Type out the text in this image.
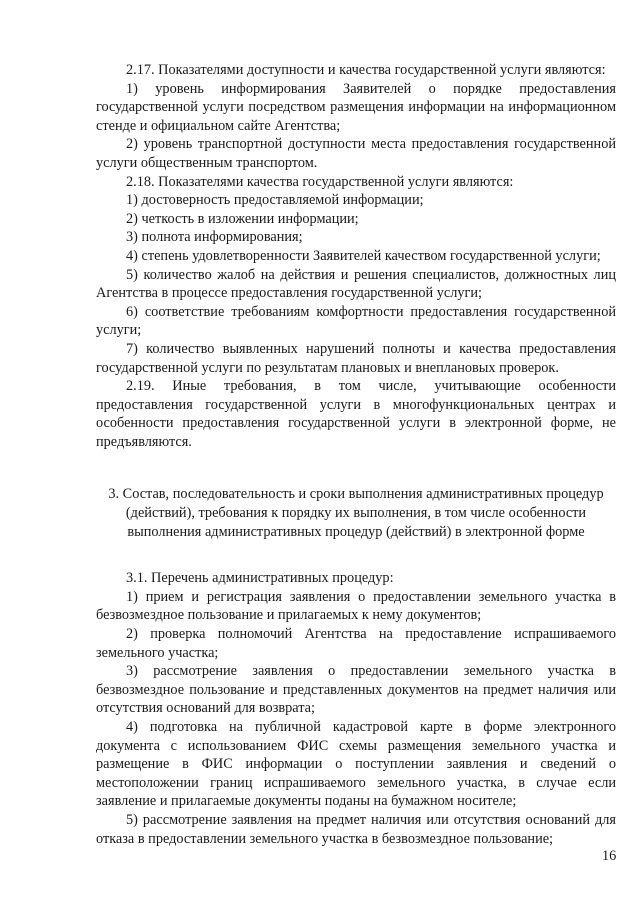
2.17. Показателями доступности и качества государственной услуги являются:

1) уровень информирования Заявителей о порядке предоставления государственной услуги посредством размещения информации на информационном стенде и официальном сайте Агентства;

2) уровень транспортной доступности места предоставления государственной услуги общественным транспортом.

2.18. Показателями качества государственной услуги являются:

1) достоверность предоставляемой информации;

2) четкость в изложении информации;

3) полнота информирования;

4) степень удовлетворенности Заявителей качеством государственной услуги;

5) количество жалоб на действия и решения специалистов, должностных лиц Агентства в процессе предоставления государственной услуги;

6) соответствие требованиям комфортности предоставления государственной услуги;

7) количество выявленных нарушений полноты и качества предоставления государственной услуги по результатам плановых и внеплановых проверок.

2.19. Иные требования, в том числе, учитывающие особенности предоставления государственной услуги в многофункциональных центрах и особенности предоставления государственной услуги в электронной форме, не предъявляются.

3. Состав, последовательность и сроки выполнения административных процедур (действий), требования к порядку их выполнения, в том числе особенности
выполнения административных процедур (действий) в электронной форме

3.1. Перечень административных процедур:

1) прием и регистрация заявления о предоставлении земельного участка в безвозмездное пользование и прилагаемых к нему документов;

2) проверка полномочий Агентства на предоставление испрашиваемого земельного участка;

3) рассмотрение заявления о предоставлении земельного участка в безвозмездное пользование и представленных документов на предмет наличия или отсутствия оснований для возврата;

4) подготовка на публичной кадастровой карте в форме электронного документа с использованием ФИС схемы размещения земельного участка и размещение в ФИС информации о поступлении заявления и сведений о местоположении границ испрашиваемого земельного участка, в случае если заявление и прилагаемые документы поданы на бумажном носителе;

5) рассмотрение заявления на предмет наличия или отсутствия оснований для отказа в предоставлении земельного участка в безвозмездное пользование;

16
